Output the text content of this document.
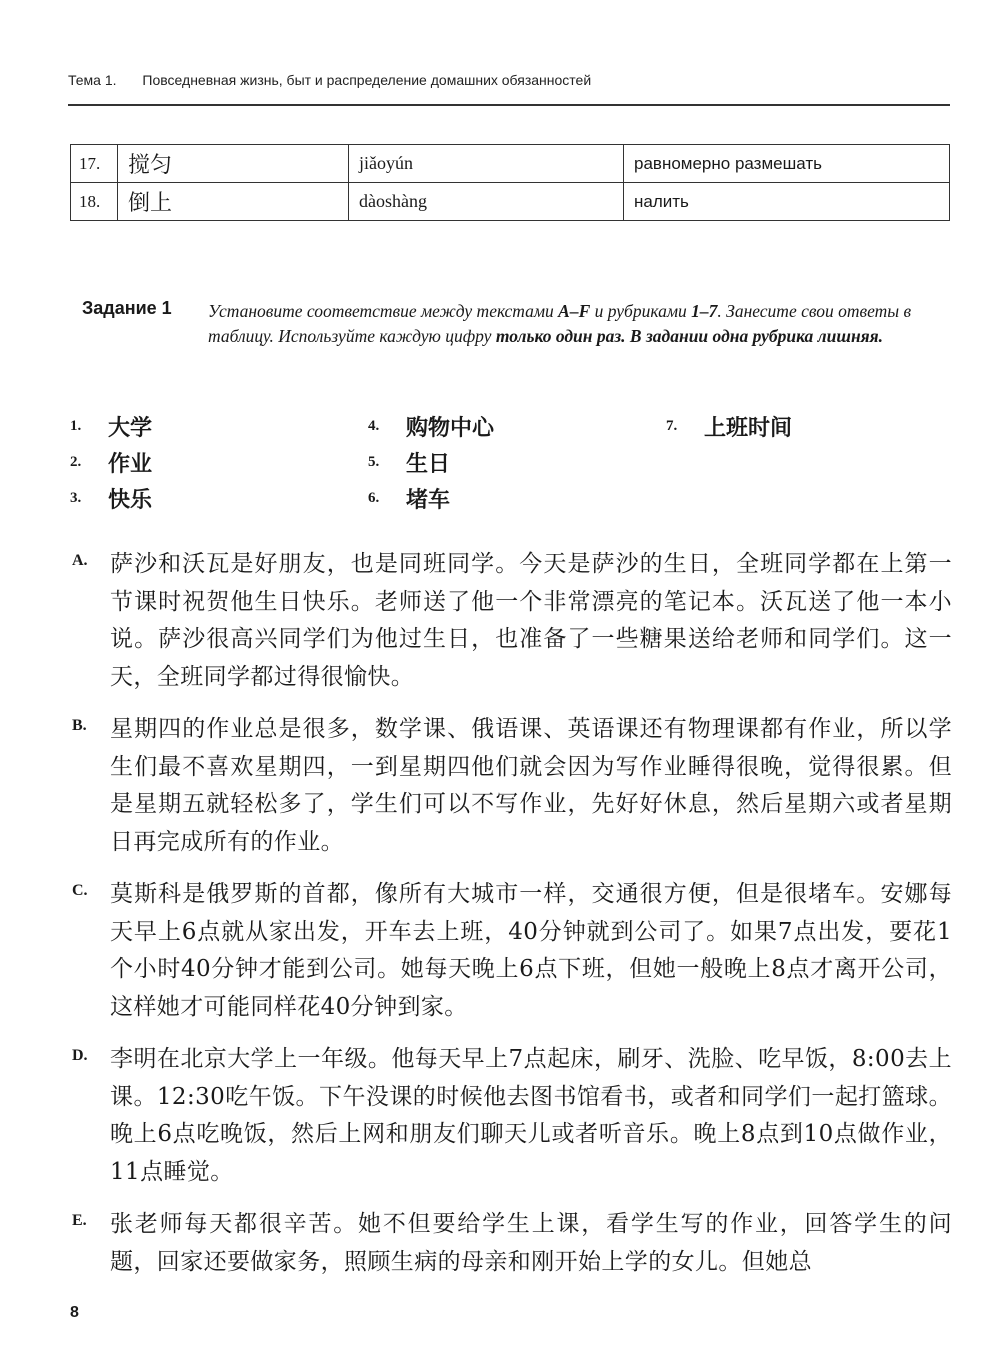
Тема 1. Повседневная жизнь, быт и распределение домашних обязанностей
17.	搅匀	jiǎoyún	равномерно размешать
18.	倒上	dàoshàng	налить
Задание 1 Установите соответствие между текстами A–F и рубриками 1–7. Занесите свои ответы в таблицу. Используйте каждую цифру только один раз. В задании одна рубрика лишняя.
1.	大学
2.	作业
3.	快乐
4.	购物中心
5.	生日
6.	堵车
7.	上班时间
A. 萨沙和沃瓦是好朋友，也是同班同学。今天是萨沙的生日，全班同学都在上第一节课时祝贺他生日快乐。老师送了他一个非常漂亮的笔记本。沃瓦送了他一本小说。萨沙很高兴同学们为他过生日，也准备了一些糖果送给老师和同学们。这一天，全班同学都过得很愉快。
B. 星期四的作业总是很多，数学课、俄语课、英语课还有物理课都有作业，所以学生们最不喜欢星期四，一到星期四他们就会因为写作业睡得很晚，觉得很累。但是星期五就轻松多了，学生们可以不写作业，先好好休息，然后星期六或者星期日再完成所有的作业。
C. 莫斯科是俄罗斯的首都，像所有大城市一样，交通很方便，但是很堵车。安娜每天早上6点就从家出发，开车去上班，40分钟就到公司了。如果7点出发，要花1个小时40分钟才能到公司。她每天晚上6点下班，但她一般晚上8点才离开公司，这样她才可能同样花40分钟到家。
D. 李明在北京大学上一年级。他每天早上7点起床，刷牙、洗脸、吃早饭，8:00去上课。12:30吃午饭。下午没课的时候他去图书馆看书，或者和同学们一起打篮球。晚上6点吃晚饭，然后上网和朋友们聊天儿或者听音乐。晚上8点到10点做作业，11点睡觉。
E. 张老师每天都很辛苦。她不但要给学生上课，看学生写的作业，回答学生的问题，回家还要做家务，照顾生病的母亲和刚开始上学的女儿。但她总
8
